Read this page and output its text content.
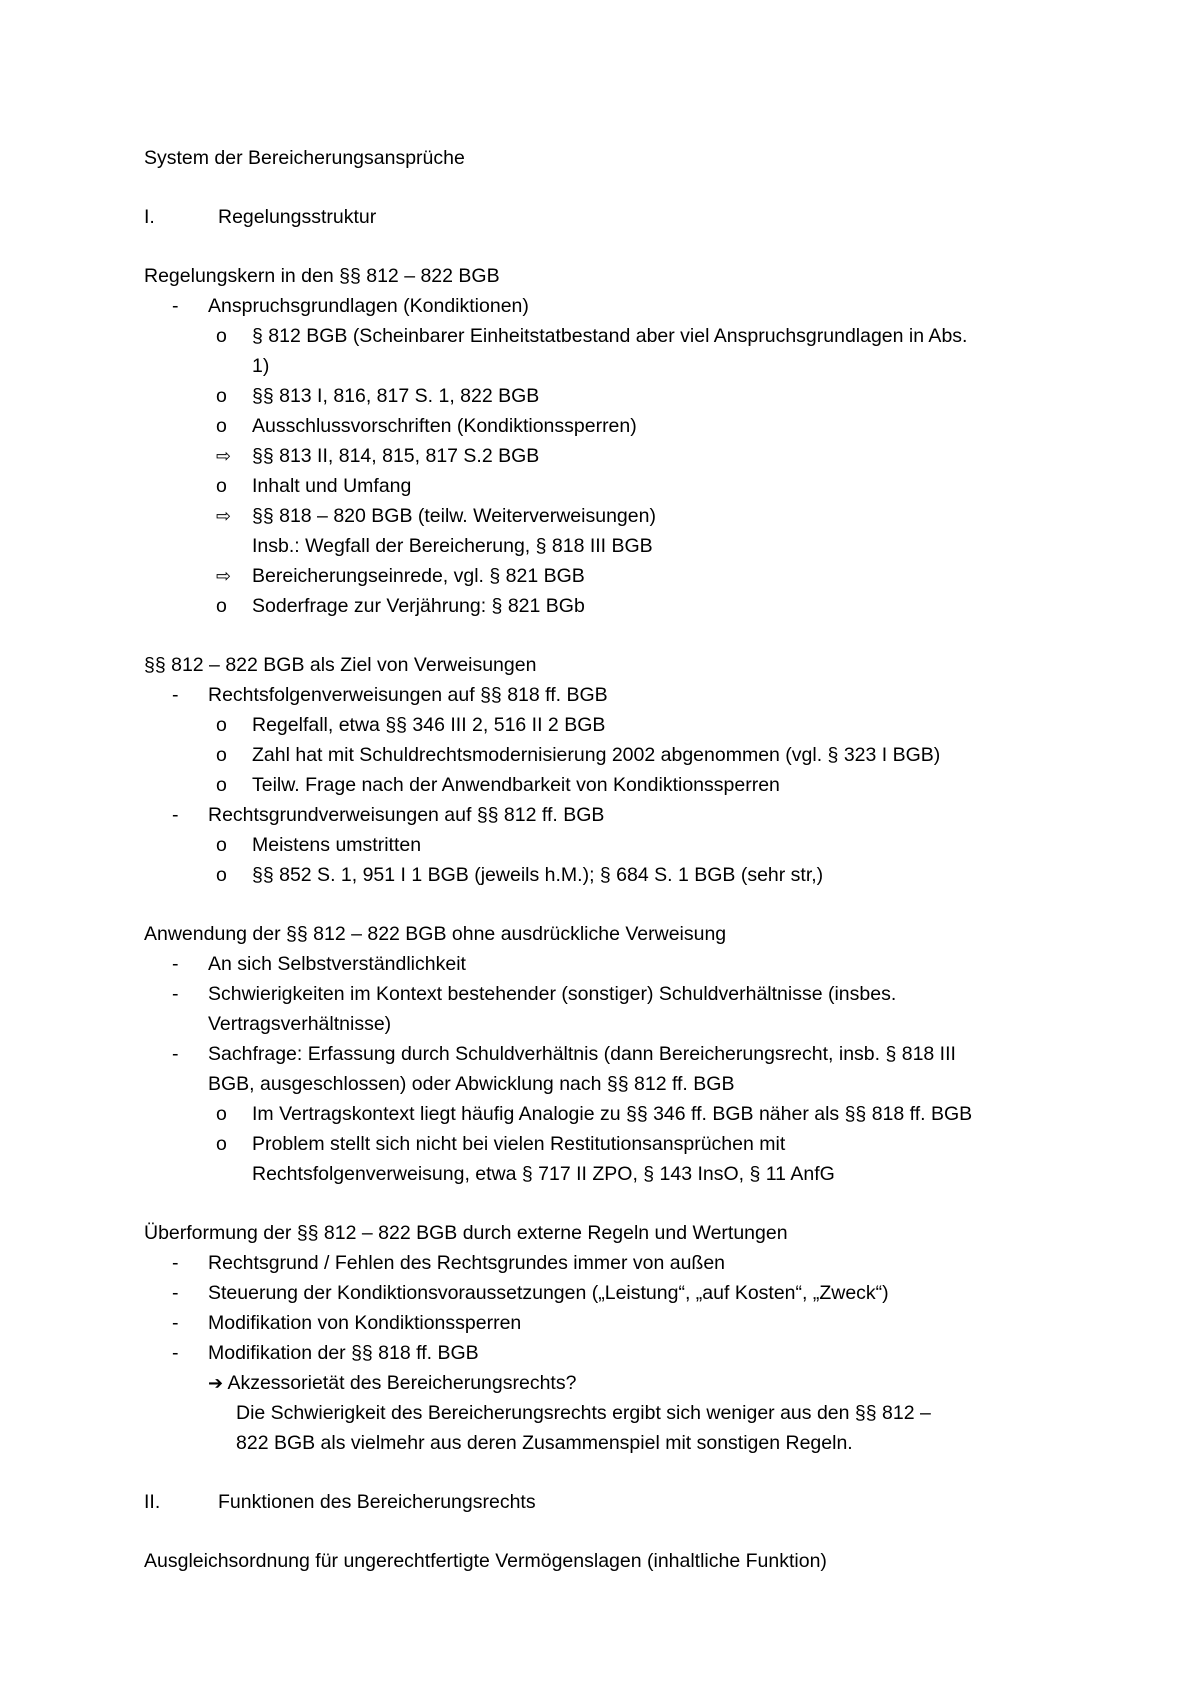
System der Bereicherungsansprüche
I.	Regelungsstruktur
Regelungskern in den §§ 812 – 822 BGB
- Anspruchsgrundlagen (Kondiktionen)
o § 812 BGB (Scheinbarer Einheitstatbestand aber viel Anspruchsgrundlagen in Abs.
1)
o §§ 813 I, 816, 817 S. 1, 822 BGB
o Ausschlussvorschriften (Kondiktionssperren)
⇨ §§ 813 II, 814, 815, 817 S.2 BGB
o Inhalt und Umfang
⇨ §§ 818 – 820 BGB (teilw. Weiterverweisungen)
Insb.: Wegfall der Bereicherung, § 818 III BGB
⇨ Bereicherungseinrede, vgl. § 821 BGB
o Soderfrage zur Verjährung: § 821 BGb
§§ 812 – 822 BGB als Ziel von Verweisungen
- Rechtsfolgenverweisungen auf §§ 818 ff. BGB
o Regelfall, etwa §§ 346 III 2, 516 II 2 BGB
o Zahl hat mit Schuldrechtsmodernisierung 2002 abgenommen (vgl. § 323 I BGB)
o Teilw. Frage nach der Anwendbarkeit von Kondiktionssperren
- Rechtsgrundverweisungen auf §§ 812 ff. BGB
o Meistens umstritten
o §§ 852 S. 1, 951 I 1 BGB (jeweils h.M.); § 684 S. 1 BGB (sehr str,)
Anwendung der §§ 812 – 822 BGB ohne ausdrückliche Verweisung
- An sich Selbstverständlichkeit
- Schwierigkeiten im Kontext bestehender (sonstiger) Schuldverhältnisse (insbes.
Vertragsverhältnisse)
- Sachfrage: Erfassung durch Schuldverhältnis (dann Bereicherungsrecht, insb. § 818 III
BGB, ausgeschlossen) oder Abwicklung nach §§ 812 ff. BGB
o Im Vertragskontext liegt häufig Analogie zu §§ 346 ff. BGB näher als §§ 818 ff. BGB
o Problem stellt sich nicht bei vielen Restitutionsansprüchen mit
Rechtsfolgenverweisung, etwa § 717 II ZPO, § 143 InsO, § 11 AnfG
Überformung der §§ 812 – 822 BGB durch externe Regeln und Wertungen
- Rechtsgrund / Fehlen des Rechtsgrundes immer von außen
- Steuerung der Kondiktionsvoraussetzungen („Leistung“, „auf Kosten“, „Zweck“)
- Modifikation von Kondiktionssperren
- Modifikation der §§ 818 ff. BGB
➔ Akzessorietät des Bereicherungsrechts?
Die Schwierigkeit des Bereicherungsrechts ergibt sich weniger aus den §§ 812 –
822 BGB als vielmehr aus deren Zusammenspiel mit sonstigen Regeln.
II.	Funktionen des Bereicherungsrechts
Ausgleichsordnung für ungerechtfertigte Vermögenslagen (inhaltliche Funktion)
